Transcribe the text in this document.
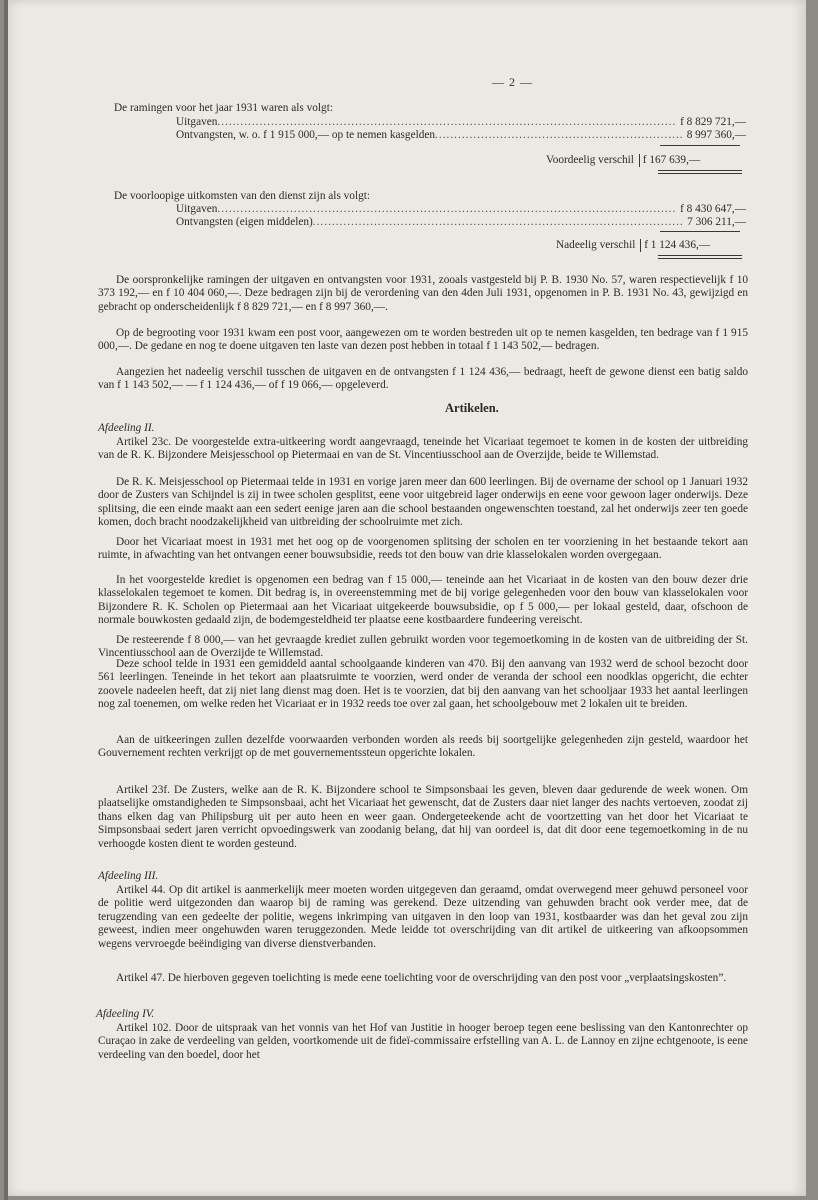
— 2 —
De ramingen voor het jaar 1931 waren als volgt:
Uitgaven .....	f 8 829 721,—
Ontvangsten, w. o. f 1 915 000,— op te nemen kasgelden .....	8 997 360,—
Voordeelig verschil f 167 639,—
De voorloopige uitkomsten van den dienst zijn als volgt:
Uitgaven .....	f 8 430 647,—
Ontvangsten (eigen middelen) .....	7 306 211,—
Nadeelig verschil f 1 124 436,—

De oorspronkelijke ramingen der uitgaven en ontvangsten voor 1931, zooals vastgesteld bij P. B. 1930 No. 57, waren respectievelijk f 10 373 192,— en f 10 404 060,—. Deze bedragen zijn bij de verordening van den 4den Juli 1931, opgenomen in P. B. 1931 No. 43, gewijzigd en gebracht op onderscheidenlijk f 8 829 721,— en f 8 997 360,—.

Op de begrooting voor 1931 kwam een post voor, aangewezen om te worden bestreden uit op te nemen kasgelden, ten bedrage van f 1 915 000,—. De gedane en nog te doene uitgaven ten laste van dezen post hebben in totaal f 1 143 502,— bedragen.

Aangezien het nadeelig verschil tusschen de uitgaven en de ontvangsten f 1 124 436,— bedraagt, heeft de gewone dienst een batig saldo van f 1 143 502,— — f 1 124 436,— of f 19 066,— opgeleverd.

Artikelen.
Afdeeling II.

Artikel 23c. De voorgestelde extra-uitkeering wordt aangevraagd, teneinde het Vicariaat tegemoet te komen in de kosten der uitbreiding van de R. K. Bijzondere Meisjesschool op Pietermaai en van de St. Vincentiusschool aan de Overzijde, beide te Willemstad.

De R. K. Meisjesschool op Pietermaai telde in 1931 en vorige jaren meer dan 600 leerlingen. Bij de overname der school op 1 Januari 1932 door de Zusters van Schijndel is zij in twee scholen gesplitst, eene voor uitgebreid lager onderwijs en eene voor gewoon lager onderwijs. Deze splitsing, die een einde maakt aan een sedert eenige jaren aan die school bestaanden ongewenschten toestand, zal het onderwijs zeer ten goede komen, doch bracht noodzakelijkheid van uitbreiding der schoolruimte met zich.

Door het Vicariaat moest in 1931 met het oog op de voorgenomen splitsing der scholen en ter voorziening in het bestaande tekort aan ruimte, in afwachting van het ontvangen eener bouwsubsidie, reeds tot den bouw van drie klasselokalen worden overgegaan.

In het voorgestelde krediet is opgenomen een bedrag van f 15 000,— teneinde aan het Vicariaat in de kosten van den bouw dezer drie klasselokalen tegemoet te komen. Dit bedrag is, in overeenstemming met de bij vorige gelegenheden voor den bouw van klasselokalen voor Bijzondere R. K. Scholen op Pietermaai aan het Vicariaat uitgekeerde bouwsubsidie, op f 5 000,— per lokaal gesteld, daar, ofschoon de normale bouwkosten gedaald zijn, de bodemgesteldheid ter plaatse eene kostbaardere fundeering vereischt.

De resteerende f 8 000,— van het gevraagde krediet zullen gebruikt worden voor tegemoetkoming in de kosten van de uitbreiding der St. Vincentiusschool aan de Overzijde te Willemstad.

Deze school telde in 1931 een gemiddeld aantal schoolgaande kinderen van 470. Bij den aanvang van 1932 werd de school bezocht door 561 leerlingen. Teneinde in het tekort aan plaatsruimte te voorzien, werd onder de veranda der school een noodklas opgericht, die echter zoovele nadeelen heeft, dat zij niet lang dienst mag doen. Het is te voorzien, dat bij den aanvang van het schooljaar 1933 het aantal leerlingen nog zal toenemen, om welke reden het Vicariaat er in 1932 reeds toe over zal gaan, het schoolgebouw met 2 lokalen uit te breiden.

Aan de uitkeeringen zullen dezelfde voorwaarden verbonden worden als reeds bij soortgelijke gelegenheden zijn gesteld, waardoor het Gouvernement rechten verkrijgt op de met gouvernementssteun opgerichte lokalen.

Artikel 23f. De Zusters, welke aan de R. K. Bijzondere school te Simpsonsbaai les geven, bleven daar gedurende de week wonen. Om plaatselijke omstandigheden te Simpsonsbaai, acht het Vicariaat het gewenscht, dat de Zusters daar niet langer des nachts vertoeven, zoodat zij thans elken dag van Philipsburg uit per auto heen en weer gaan. Ondergeteekende acht de voortzetting van het door het Vicariaat te Simpsonsbaai sedert jaren verricht opvoedingswerk van zoodanig belang, dat hij van oordeel is, dat dit door eene tegemoetkoming in de nu verhoogde kosten dient te worden gesteund.

Afdeeling III.

Artikel 44. Op dit artikel is aanmerkelijk meer moeten worden uitgegeven dan geraamd, omdat overwegend meer gehuwd personeel voor de politie werd uitgezonden dan waarop bij de raming was gerekend. Deze uitzending van gehuwden bracht ook verder mee, dat de terugzending van een gedeelte der politie, wegens inkrimping van uitgaven in den loop van 1931, kostbaarder was dan het geval zou zijn geweest, indien meer ongehuwden waren teruggezonden. Mede leidde tot overschrijding van dit artikel de uitkeering van afkoopsommen wegens vervroegde beëindiging van diverse dienstverbanden.

Artikel 47. De hierboven gegeven toelichting is mede eene toelichting voor de overschrijding van den post voor „verplaatsingskosten”.

Afdeeling IV.

Artikel 102. Door de uitspraak van het vonnis van het Hof van Justitie in hooger beroep tegen eene beslissing van den Kantonrechter op Curaçao in zake de verdeeling van gelden, voortkomende uit de fideï-commissaire erfstelling van A. L. de Lannoy en zijne echtgenoote, is eene verdeeling van den boedel, door het
